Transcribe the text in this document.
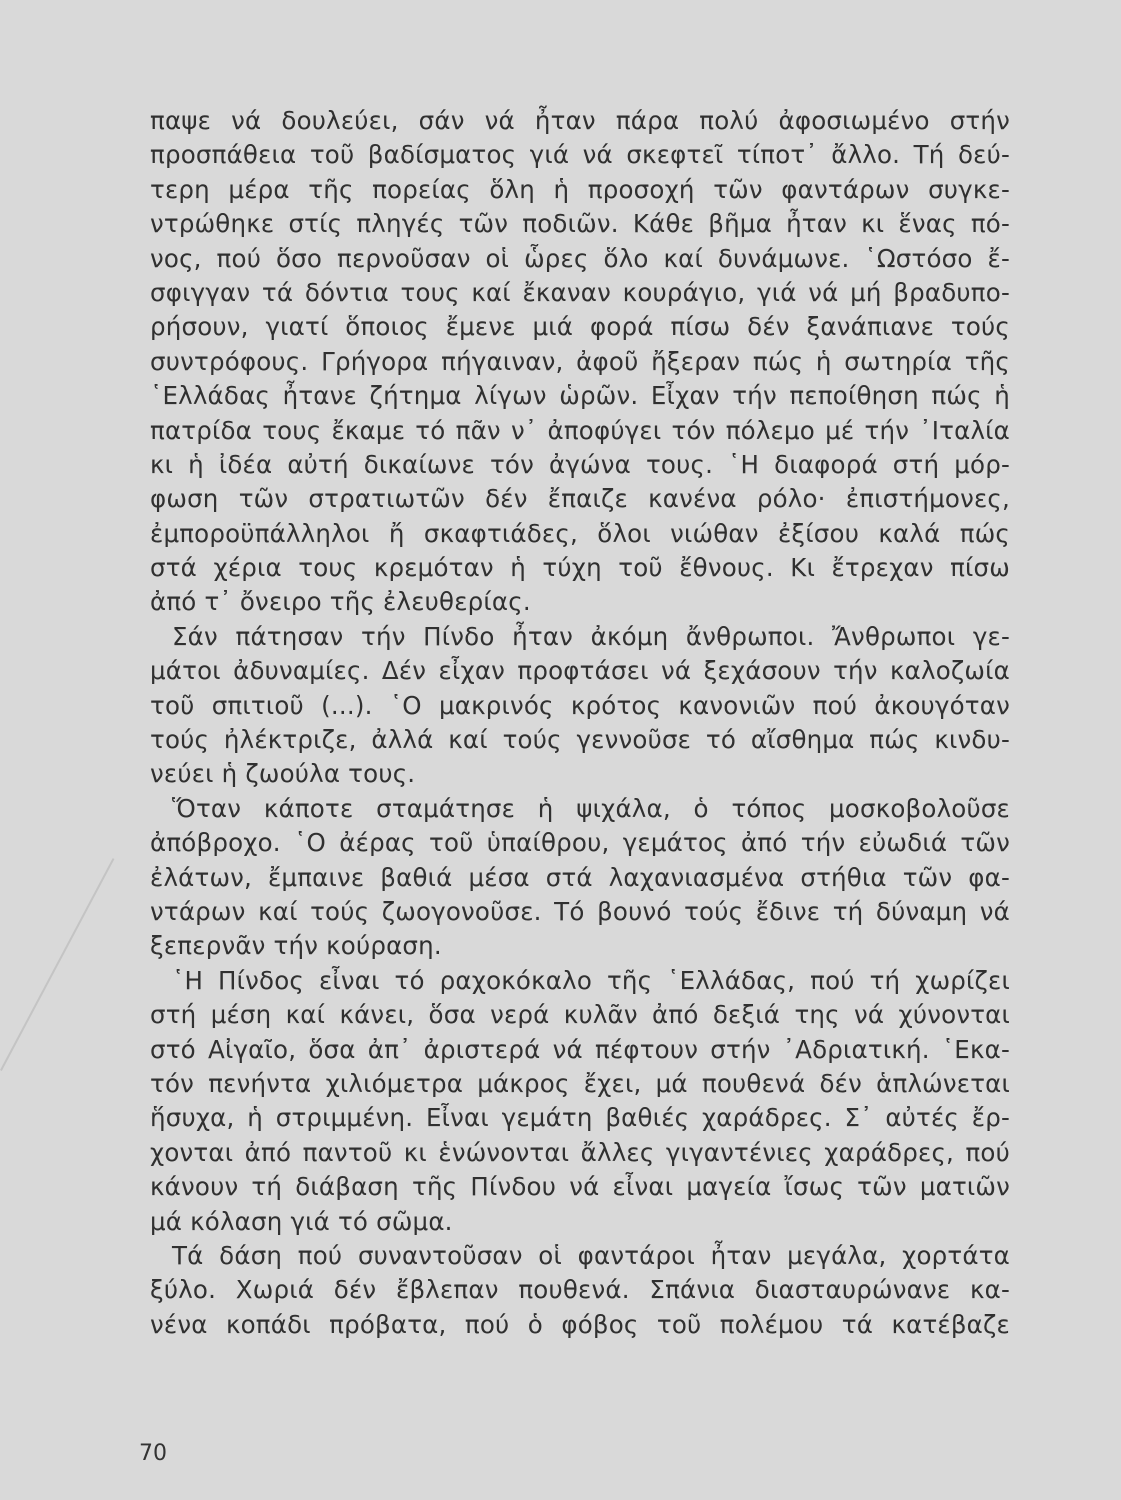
παψε νά δουλεύει, σάν νά ἦταν πάρα πολύ ἀφοσιωμένο στήν
προσπάθεια τοῦ βαδίσματος γιά νά σκεφτεῖ τίποτ᾽ ἄλλο. Τή δεύ-
τερη μέρα τῆς πορείας ὅλη ἡ προσοχή τῶν φαντάρων συγκε-
ντρώθηκε στίς πληγές τῶν ποδιῶν. Κάθε βῆμα ἦταν κι ἕνας πό-
νος, πού ὅσο περνοῦσαν οἱ ὧρες ὅλο καί δυνάμωνε. ῾Ωστόσο ἔ-
σφιγγαν τά δόντια τους καί ἔκαναν κουράγιο, γιά νά μή βραδυπο-
ρήσουν, γιατί ὅποιος ἔμενε μιά φορά πίσω δέν ξανάπιανε τούς
συντρόφους. Γρήγορα πήγαιναν, ἀφοῦ ἤξεραν πώς ἡ σωτηρία τῆς
῾Ελλάδας ἦτανε ζήτημα λίγων ὡρῶν. Εἶχαν τήν πεποίθηση πώς ἡ
πατρίδα τους ἔκαμε τό πᾶν ν᾽ ἀποφύγει τόν πόλεμο μέ τήν ᾽Ιταλία
κι ἡ ἰδέα αὐτή δικαίωνε τόν ἀγώνα τους. ῾Η διαφορά στή μόρ-
φωση τῶν στρατιωτῶν δέν ἔπαιζε κανένα ρόλο· ἐπιστήμονες,
ἐμποροϋπάλληλοι ἤ σκαφτιάδες, ὅλοι νιώθαν ἐξίσου καλά πώς
στά χέρια τους κρεμόταν ἡ τύχη τοῦ ἔθνους. Κι ἔτρεχαν πίσω
ἀπό τ᾽ ὄνειρο τῆς ἐλευθερίας.
Σάν πάτησαν τήν Πίνδο ἦταν ἀκόμη ἄνθρωποι. Ἄνθρωποι γε-
μάτοι ἀδυναμίες. Δέν εἶχαν προφτάσει νά ξεχάσουν τήν καλοζωία
τοῦ σπιτιοῦ (...). ῾Ο μακρινός κρότος κανονιῶν πού ἀκουγόταν
τούς ἠλέκτριζε, ἀλλά καί τούς γεννοῦσε τό αἴσθημα πώς κινδυ-
νεύει ἡ ζωούλα τους.
Ὅταν κάποτε σταμάτησε ἡ ψιχάλα, ὁ τόπος μοσκοβολοῦσε
ἀπόβροχο. ῾Ο ἀέρας τοῦ ὑπαίθρου, γεμάτος ἀπό τήν εὐωδιά τῶν
ἐλάτων, ἔμπαινε βαθιά μέσα στά λαχανιασμένα στήθια τῶν φα-
ντάρων καί τούς ζωογονοῦσε. Τό βουνό τούς ἔδινε τή δύναμη νά
ξεπερνᾶν τήν κούραση.
῾Η Πίνδος εἶναι τό ραχοκόκαλο τῆς ῾Ελλάδας, πού τή χωρίζει
στή μέση καί κάνει, ὅσα νερά κυλᾶν ἀπό δεξιά της νά χύνονται
στό Αἰγαῖο, ὅσα ἀπ᾽ ἀριστερά νά πέφτουν στήν ᾽Αδριατική. ῾Εκα-
τόν πενήντα χιλιόμετρα μάκρος ἔχει, μά πουθενά δέν ἁπλώνεται
ἥσυχα, ἡ στριμμένη. Εἶναι γεμάτη βαθιές χαράδρες. Σ᾽ αὐτές ἔρ-
χονται ἀπό παντοῦ κι ἑνώνονται ἄλλες γιγαντένιες χαράδρες, πού
κάνουν τή διάβαση τῆς Πίνδου νά εἶναι μαγεία ἴσως τῶν ματιῶν
μά κόλαση γιά τό σῶμα.
Τά δάση πού συναντοῦσαν οἱ φαντάροι ἦταν μεγάλα, χορτάτα
ξύλο. Χωριά δέν ἔβλεπαν πουθενά. Σπάνια διασταυρώνανε κα-
νένα κοπάδι πρόβατα, πού ὁ φόβος τοῦ πολέμου τά κατέβαζε
70
